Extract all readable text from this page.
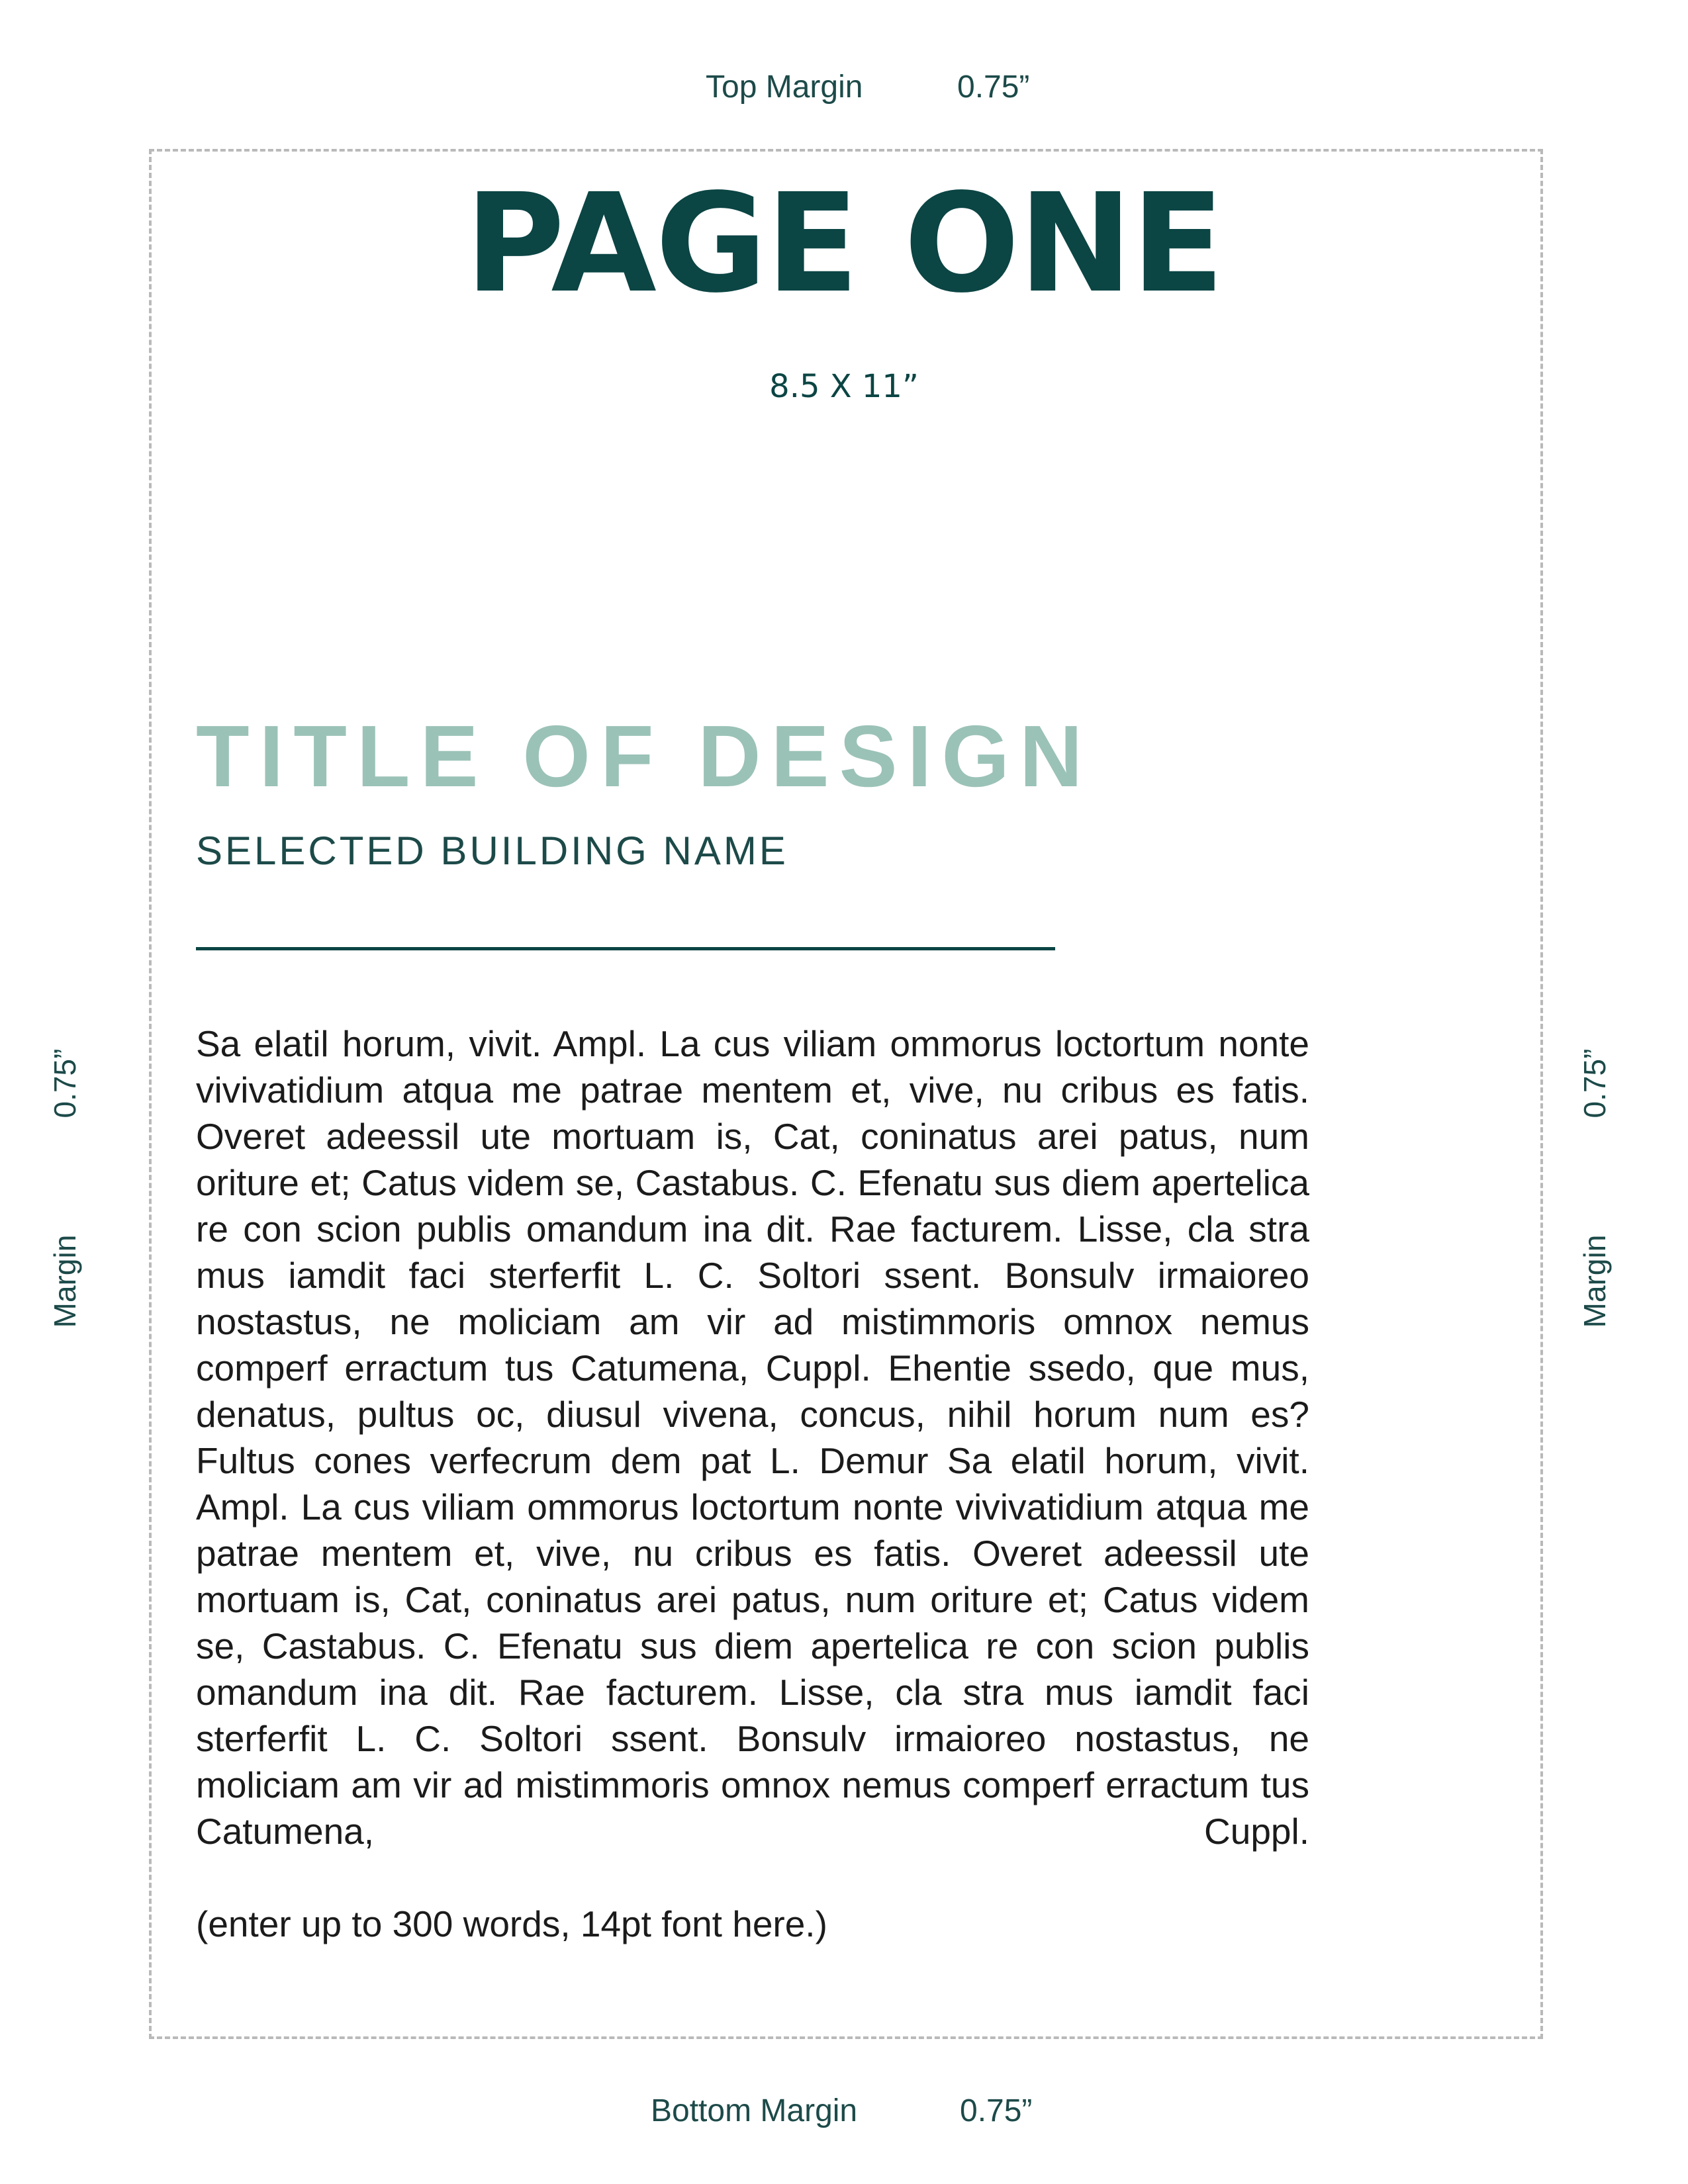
Top Margin	0.75”
0.75”
Margin
0.75”
Margin
PAGE ONE
8.5 X 11”
TITLE OF DESIGN
SELECTED BUILDING NAME

Sa elatil horum, vivit. Ampl. La cus viliam ommorus loctortum nonte vivivatidium atqua me patrae mentem et, vive, nu cribus es fatis. Overet adeessil ute mortuam is, Cat, coninatus arei patus, num oriture et; Catus videm se, Castabus. C. Efenatu sus diem apertelica re con scion publis omandum ina dit. Rae facturem. Lisse, cla stra mus iamdit faci sterferfit L. C. Soltori ssent. Bonsulv irmaioreo nostastus, ne moliciam am vir ad mistimmoris omnox nemus comperf erractum tus Catumena, Cuppl. Ehentie ssedo, que mus, denatus, pultus oc, diusul vivena, concus, nihil horum num es? Fultus cones verfecrum dem pat L. Demur Sa elatil horum, vivit. Ampl. La cus viliam ommorus loctortum nonte vivivatidium atqua me patrae mentem et, vive, nu cribus es fatis. Overet adeessil ute mortuam is, Cat, coninatus arei patus, num oriture et; Catus videm se, Castabus. C. Efenatu sus diem apertelica re con scion publis omandum ina dit. Rae facturem. Lisse, cla stra mus iamdit faci sterferfit L. C. Soltori ssent. Bonsulv irmaioreo nostastus, ne moliciam am vir ad mistimmoris omnox nemus comperf erractum tus Catumena, Cuppl.

(enter up to 300 words, 14pt font here.)
Bottom Margin	0.75”
